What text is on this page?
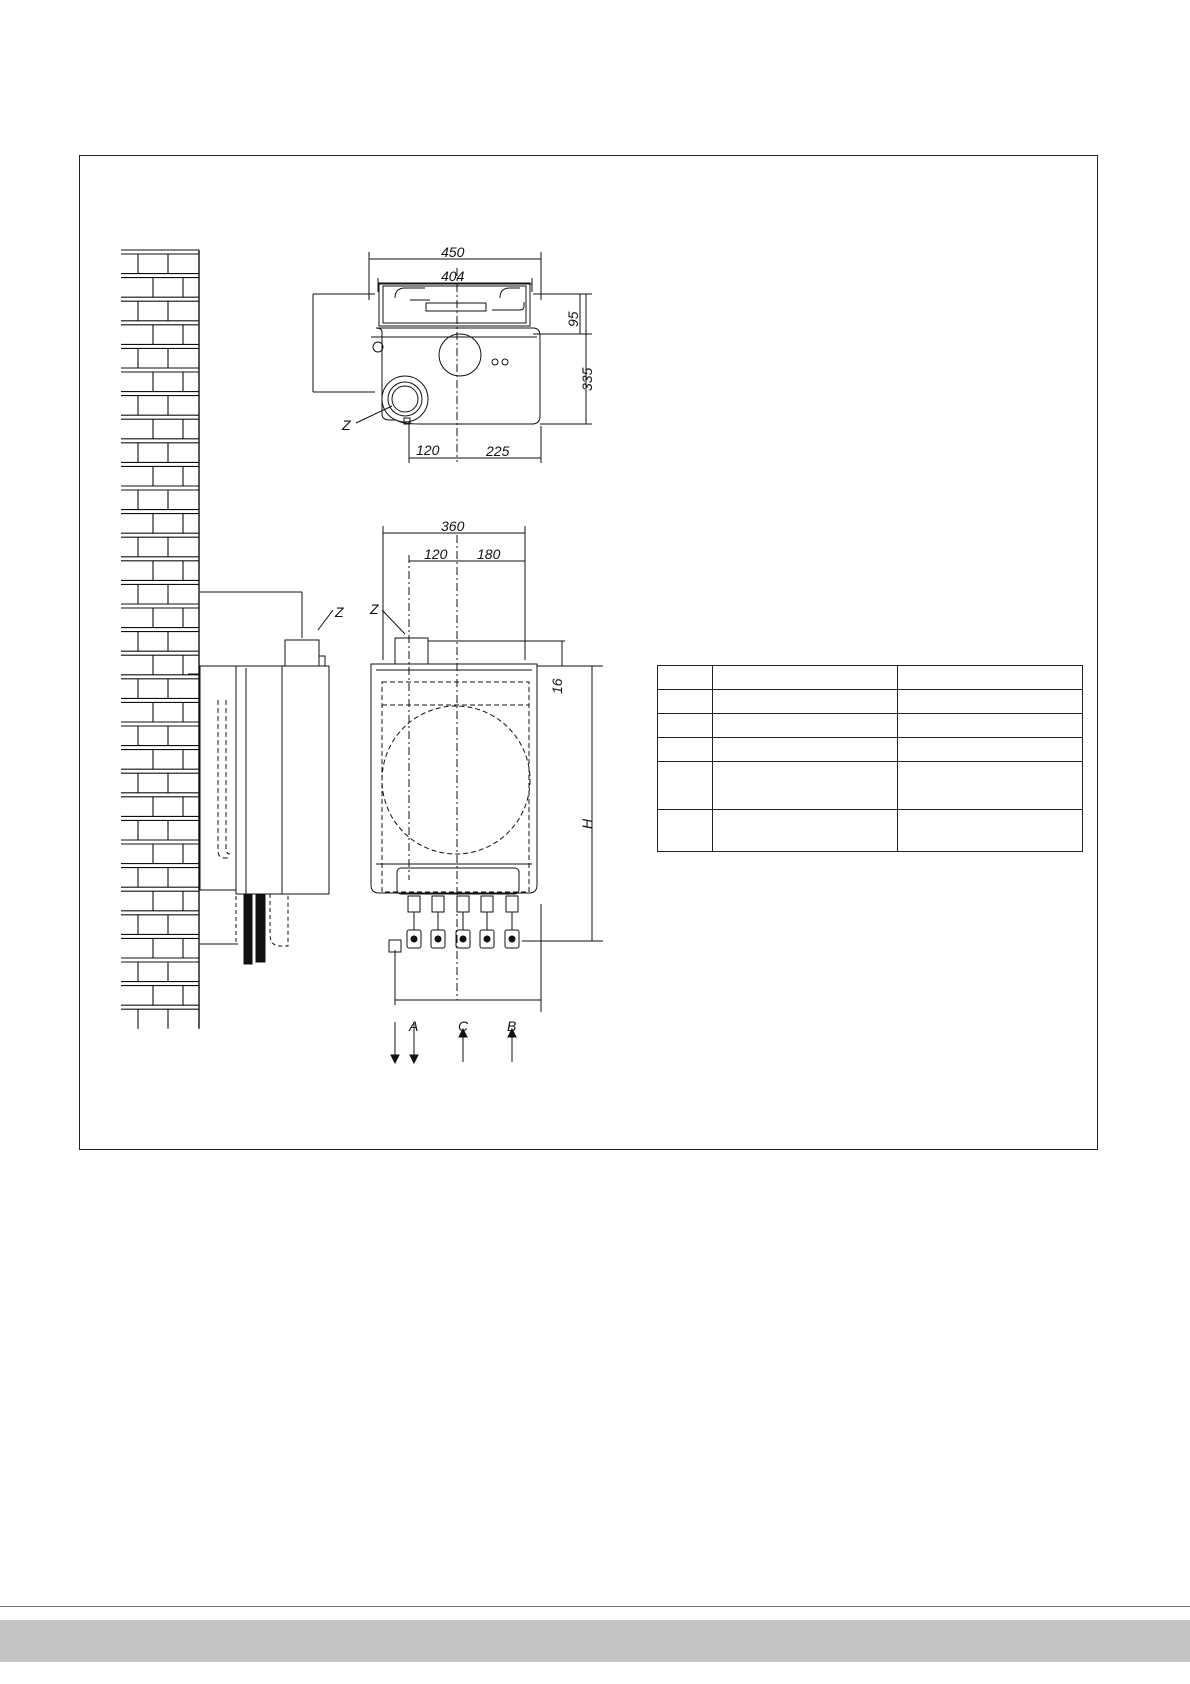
450
404
95
335
120	225
Z
360
120 180
16
H
Z
A	C	B
Z
